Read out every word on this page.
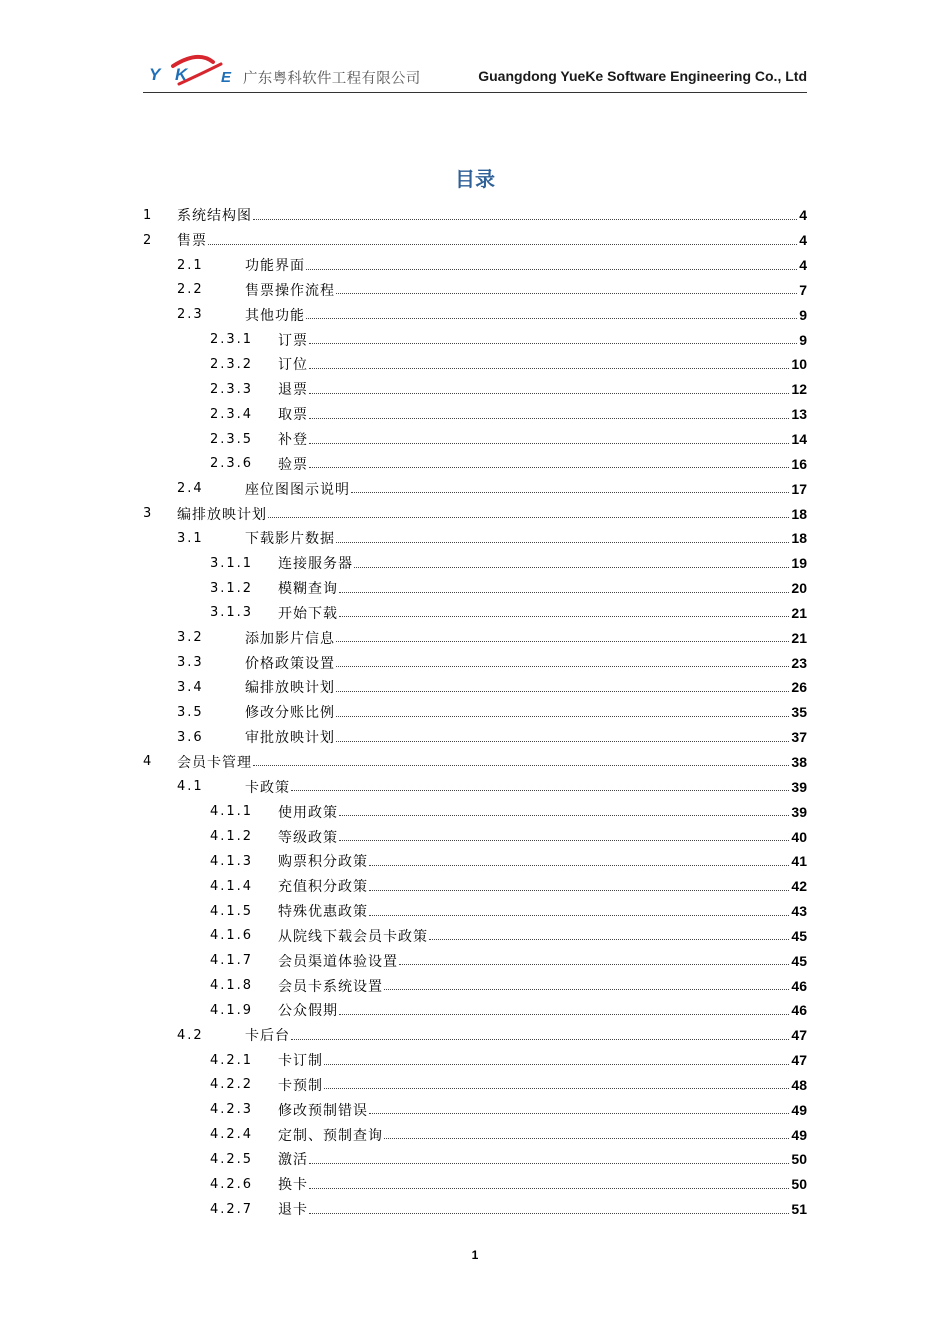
Y K E 广东粤科软件工程有限公司	Guangdong YueKe Software Engineering Co., Ltd
目录
1	系统结构图	4
2	售票	4
2.1	功能界面	4
2.2	售票操作流程	7
2.3	其他功能	9
2.3.1	订票	9
2.3.2	订位	10
2.3.3	退票	12
2.3.4	取票	13
2.3.5	补登	14
2.3.6	验票	16
2.4	座位图图示说明	17
3	编排放映计划	18
3.1	下载影片数据	18
3.1.1	连接服务器	19
3.1.2	模糊查询	20
3.1.3	开始下载	21
3.2	添加影片信息	21
3.3	价格政策设置	23
3.4	编排放映计划	26
3.5	修改分账比例	35
3.6	审批放映计划	37
4	会员卡管理	38
4.1	卡政策	39
4.1.1	使用政策	39
4.1.2	等级政策	40
4.1.3	购票积分政策	41
4.1.4	充值积分政策	42
4.1.5	特殊优惠政策	43
4.1.6	从院线下载会员卡政策	45
4.1.7	会员渠道体验设置	45
4.1.8	会员卡系统设置	46
4.1.9	公众假期	46
4.2	卡后台	47
4.2.1	卡订制	47
4.2.2	卡预制	48
4.2.3	修改预制错误	49
4.2.4	定制、预制查询	49
4.2.5	激活	50
4.2.6	换卡	50
4.2.7	退卡	51
1
